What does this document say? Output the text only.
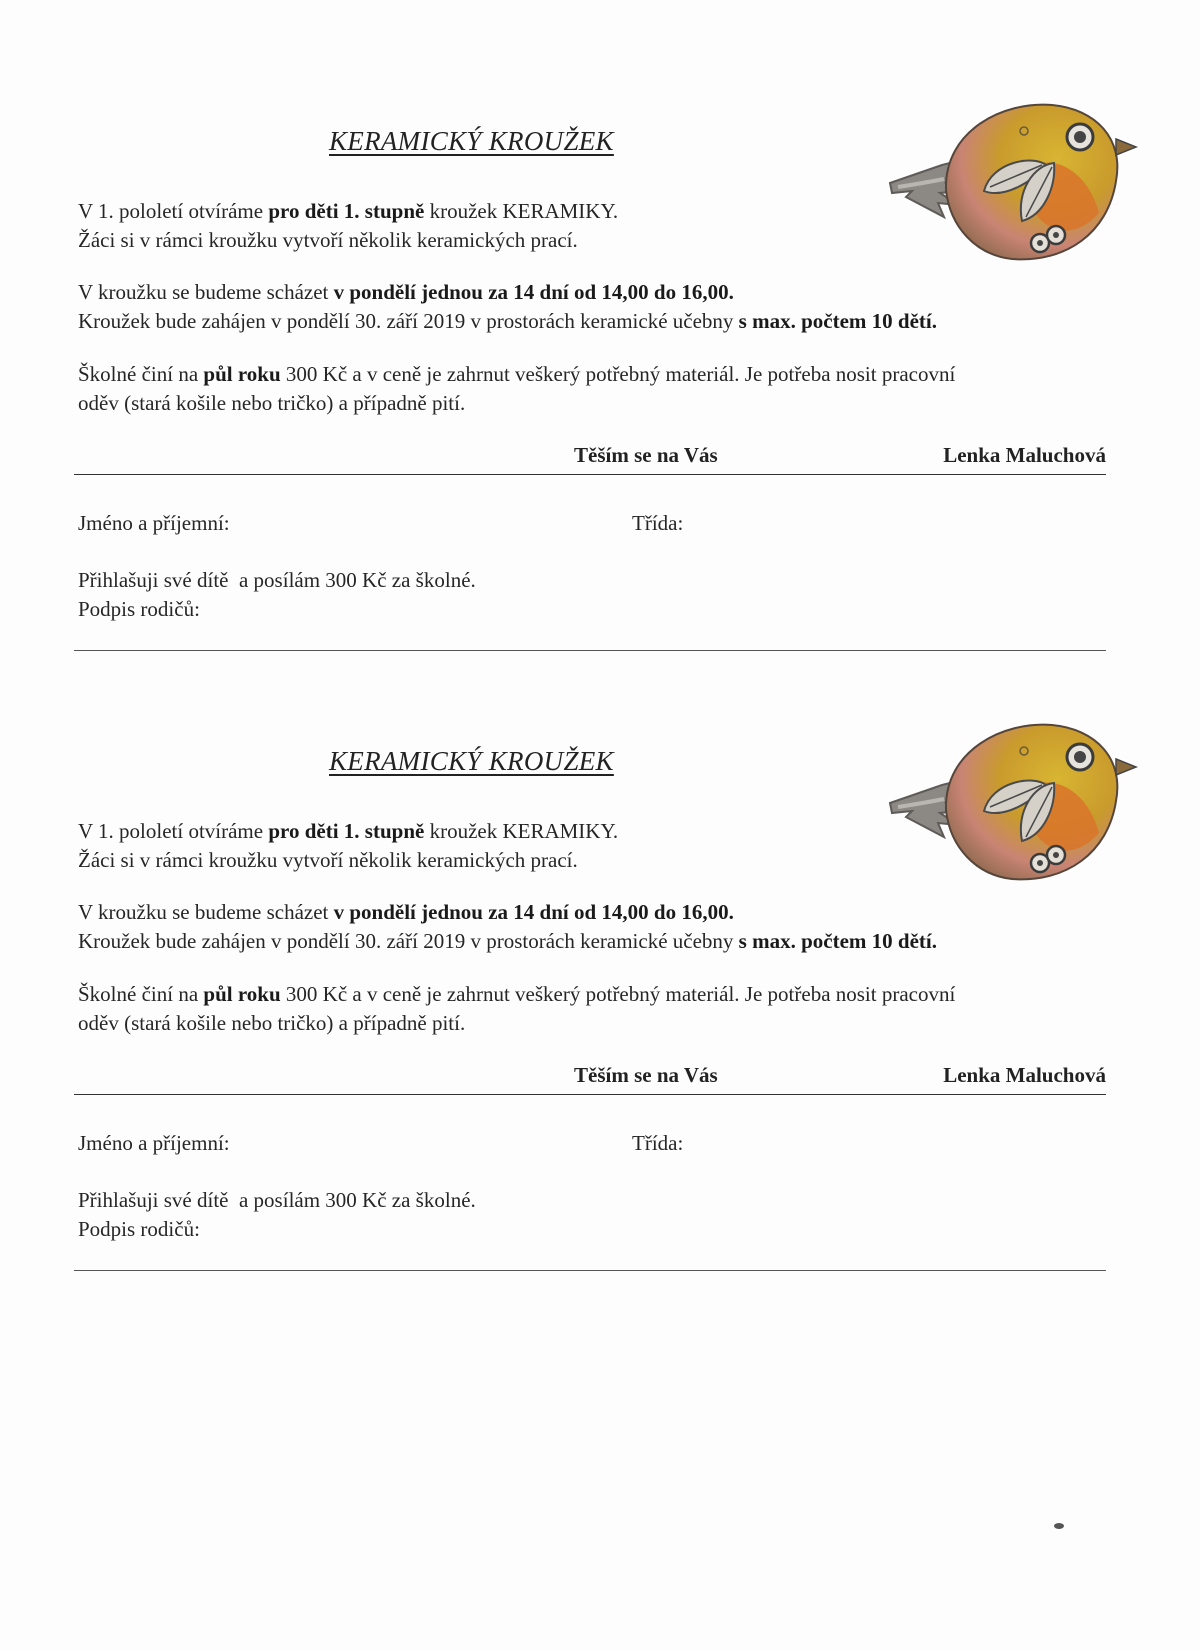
KERAMICKÝ KROUŽEK
V 1. pololetí otvíráme pro děti 1. stupně kroužek KERAMIKY.
Žáci si v rámci kroužku vytvoří několik keramických prací.
V kroužku se budeme scházet v pondělí jednou za 14 dní od 14,00 do 16,00.
Kroužek bude zahájen v pondělí 30. září 2019 v prostorách keramické učebny s max. počtem 10 dětí.
Školné činí na půl roku 300 Kč a v ceně je zahrnut veškerý potřebný materiál. Je potřeba nosit pracovní
oděv (stará košile nebo tričko) a případně pití.
Těším se na Vás	Lenka Maluchová
Jméno a příjemní:	Třída:
Přihlašuji své dítě  a posílám 300 Kč za školné.
Podpis rodičů:
KERAMICKÝ KROUŽEK
V 1. pololetí otvíráme pro děti 1. stupně kroužek KERAMIKY.
Žáci si v rámci kroužku vytvoří několik keramických prací.
V kroužku se budeme scházet v pondělí jednou za 14 dní od 14,00 do 16,00.
Kroužek bude zahájen v pondělí 30. září 2019 v prostorách keramické učebny s max. počtem 10 dětí.
Školné činí na půl roku 300 Kč a v ceně je zahrnut veškerý potřebný materiál. Je potřeba nosit pracovní
oděv (stará košile nebo tričko) a případně pití.
Těším se na Vás	Lenka Maluchová
Jméno a příjemní:	Třída:
Přihlašuji své dítě  a posílám 300 Kč za školné.
Podpis rodičů:
